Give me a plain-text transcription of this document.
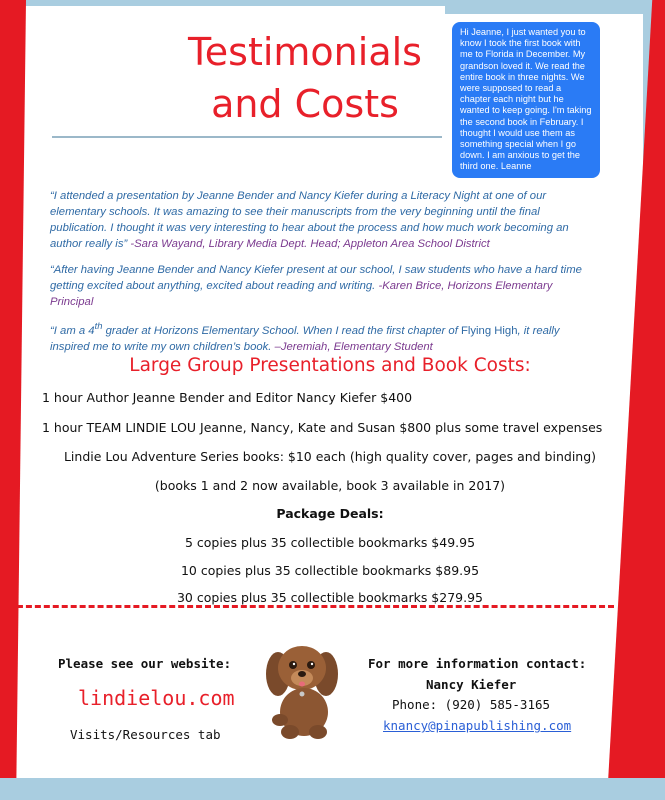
Testimonials
and Costs
Hi Jeanne, I just wanted you to know I took the first book with me to Florida in December. My grandson loved it. We read the entire book in three nights. We were supposed to read a chapter each night but he wanted to keep going. I'm taking the second book in February. I thought I would use them as something special when I go down. I am anxious to get the third one. Leanne
“I attended a presentation by Jeanne Bender and Nancy Kiefer during a Literacy Night at one of our elementary schools. It was amazing to see their manuscripts from the very beginning until the final publication. I thought it was very interesting to hear about the process and how much work becoming an author really is” -Sara Wayand, Library Media Dept. Head; Appleton Area School District
“After having Jeanne Bender and Nancy Kiefer present at our school, I saw students who have a hard time getting excited about anything, excited about reading and writing. -Karen Brice, Horizons Elementary Principal
“I am a 4th grader at Horizons Elementary School. When I read the first chapter of Flying High, it really inspired me to write my own children’s book. –Jeremiah, Elementary Student
Large Group Presentations and Book Costs:
1 hour Author Jeanne Bender and Editor Nancy Kiefer $400
1 hour TEAM LINDIE LOU Jeanne, Nancy, Kate and Susan $800 plus some travel expenses
Lindie Lou Adventure Series books: $10 each (high quality cover, pages and binding)
(books 1 and 2 now available, book 3 available in 2017)
Package Deals:
5 copies plus 35 collectible bookmarks $49.95
10 copies plus 35 collectible bookmarks $89.95
30 copies plus 35 collectible bookmarks $279.95
Please see our website:
lindielou.com
Visits/Resources tab
For more information contact:
Nancy Kiefer
Phone: (920) 585-3165
knancy@pinapublishing.com
